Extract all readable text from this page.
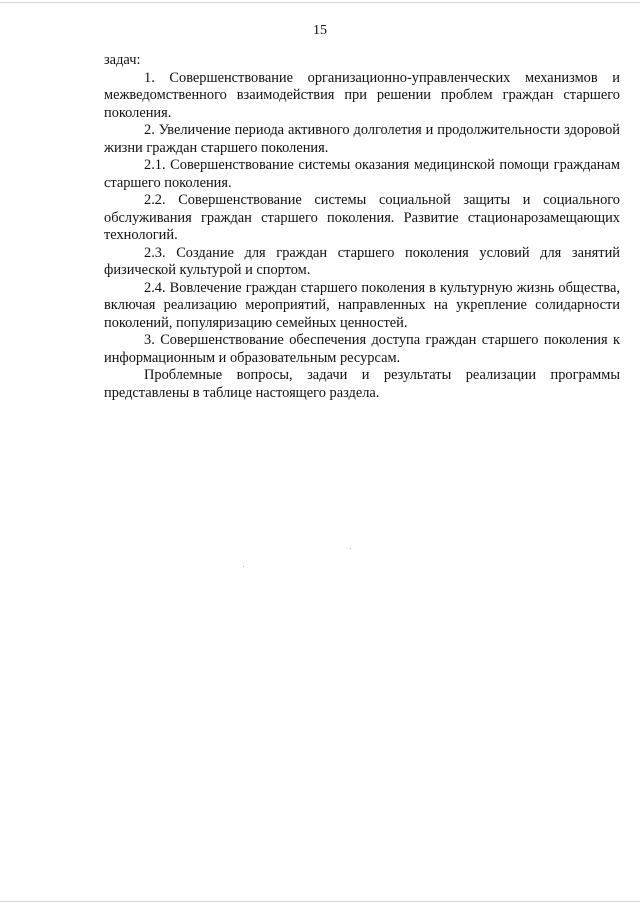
15

задач:

1. Совершенствование организационно-управленческих механизмов и межведомственного взаимодействия при решении проблем граждан старшего поколения.

2. Увеличение периода активного долголетия и продолжительности здоровой жизни граждан старшего поколения.

2.1. Совершенствование системы оказания медицинской помощи гражданам старшего поколения.

2.2. Совершенствование системы социальной защиты и социального обслуживания граждан старшего поколения. Развитие стационарозамещающих технологий.

2.3. Создание для граждан старшего поколения условий для занятий физической культурой и спортом.

2.4. Вовлечение граждан старшего поколения в культурную жизнь общества, включая реализацию мероприятий, направленных на укрепление солидарности поколений, популяризацию семейных ценностей.

3. Совершенствование обеспечения доступа граждан старшего поколения к информационным и образовательным ресурсам.

Проблемные вопросы, задачи и результаты реализации программы представлены в таблице настоящего раздела.
